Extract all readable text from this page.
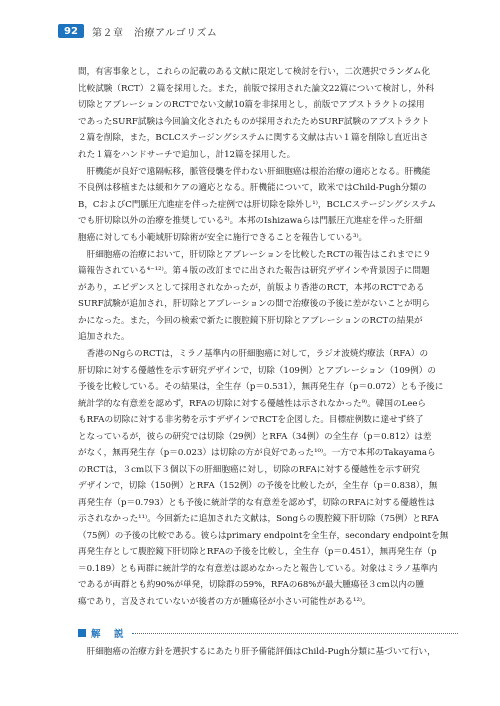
92	第２章　治療アルゴリズム

間，有害事象とし，これらの記載のある文献に限定して検討を行い，二次選択でランダム化
比較試験（RCT）２篇を採用した。また，前版で採用された論文22篇について検討し，外科
切除とアブレーションのRCTでない文献10篇を非採用とし，前版でアブストラクトの採用
であったSURF試験は今回論文化されたものが採用されたためSURF試験のアブストラクト
２篇を削除，また，BCLCステージングシステムに関する文献は古い１篇を削除し直近出さ
れた１篇をハンドサーチで追加し，計12篇を採用した。

肝機能が良好で遠隔転移，脈管侵襲を伴わない肝細胞癌は根治治療の適応となる。肝機能
不良例は移植または緩和ケアの適応となる。肝機能について，欧米ではChild-Pugh分類の
B，CおよびC門脈圧亢進症を伴った症例では肝切除を除外し¹⁾，BCLCステージングシステム
でも肝切除以外の治療を推奨している²⁾。本邦のIshizawaらは門脈圧亢進症を伴った肝細
胞癌に対しても小範域肝切除術が安全に施行できることを報告している³⁾。

肝細胞癌の治療において，肝切除とアブレーションを比較したRCTの報告はこれまでに９
篇報告されている⁴⁻¹²⁾。第４版の改訂までに出された報告は研究デザインや背景因子に問題
があり，エビデンスとして採用されなかったが，前版より香港のRCT，本邦のRCTである
SURF試験が追加され，肝切除とアブレーションの間で治療後の予後に差がないことが明ら
かになった。また，今回の検索で新たに腹腔鏡下肝切除とアブレーションのRCTの結果が
追加された。

香港のNgらのRCTは，ミラノ基準内の肝細胞癌に対して，ラジオ波焼灼療法（RFA）の
肝切除に対する優越性を示す研究デザインで，切除（109例）とアブレーション（109例）の
予後を比較している。その結果は，全生存（p＝0.531），無再発生存（p＝0.072）とも予後に
統計学的な有意差を認めず，RFAの切除に対する優越性は示されなかった⁹⁾。韓国のLeeら
もRFAの切除に対する非劣勢を示すデザインでRCTを企図した。目標症例数に達せず終了
となっているが，彼らの研究では切除（29例）とRFA（34例）の全生存（p＝0.812）は差
がなく，無再発生存（p＝0.023）は切除の方が良好であった¹⁰⁾。一方で本邦のTakayamaら
のRCTは，３cm以下３個以下の肝細胞癌に対し，切除のRFAに対する優越性を示す研究
デザインで，切除（150例）とRFA（152例）の予後を比較したが，全生存（p＝0.838），無
再発生存（p＝0.793）とも予後に統計学的な有意差を認めず，切除のRFAに対する優越性は
示されなかった¹¹⁾。今回新たに追加された文献は，Songらの腹腔鏡下肝切除（75例）とRFA
（75例）の予後の比較である。彼らはprimary endpointを全生存，secondary endpointを無
再発生存として腹腔鏡下肝切除とRFAの予後を比較し，全生存（p＝0.451），無再発生存（p
＝0.189）とも両群に統計学的な有意差は認めなかったと報告している。対象はミラノ基準内
であるが両群とも約90%が単発，切除群の59%，RFAの68%が最大腫瘍径３cm以内の腫
瘍であり，言及されていないが後者の方が腫瘍径が小さい可能性がある¹²⁾。

解　説

肝細胞癌の治療方針を選択するにあたり肝予備能評価はChild-Pugh分類に基づいて行い，
